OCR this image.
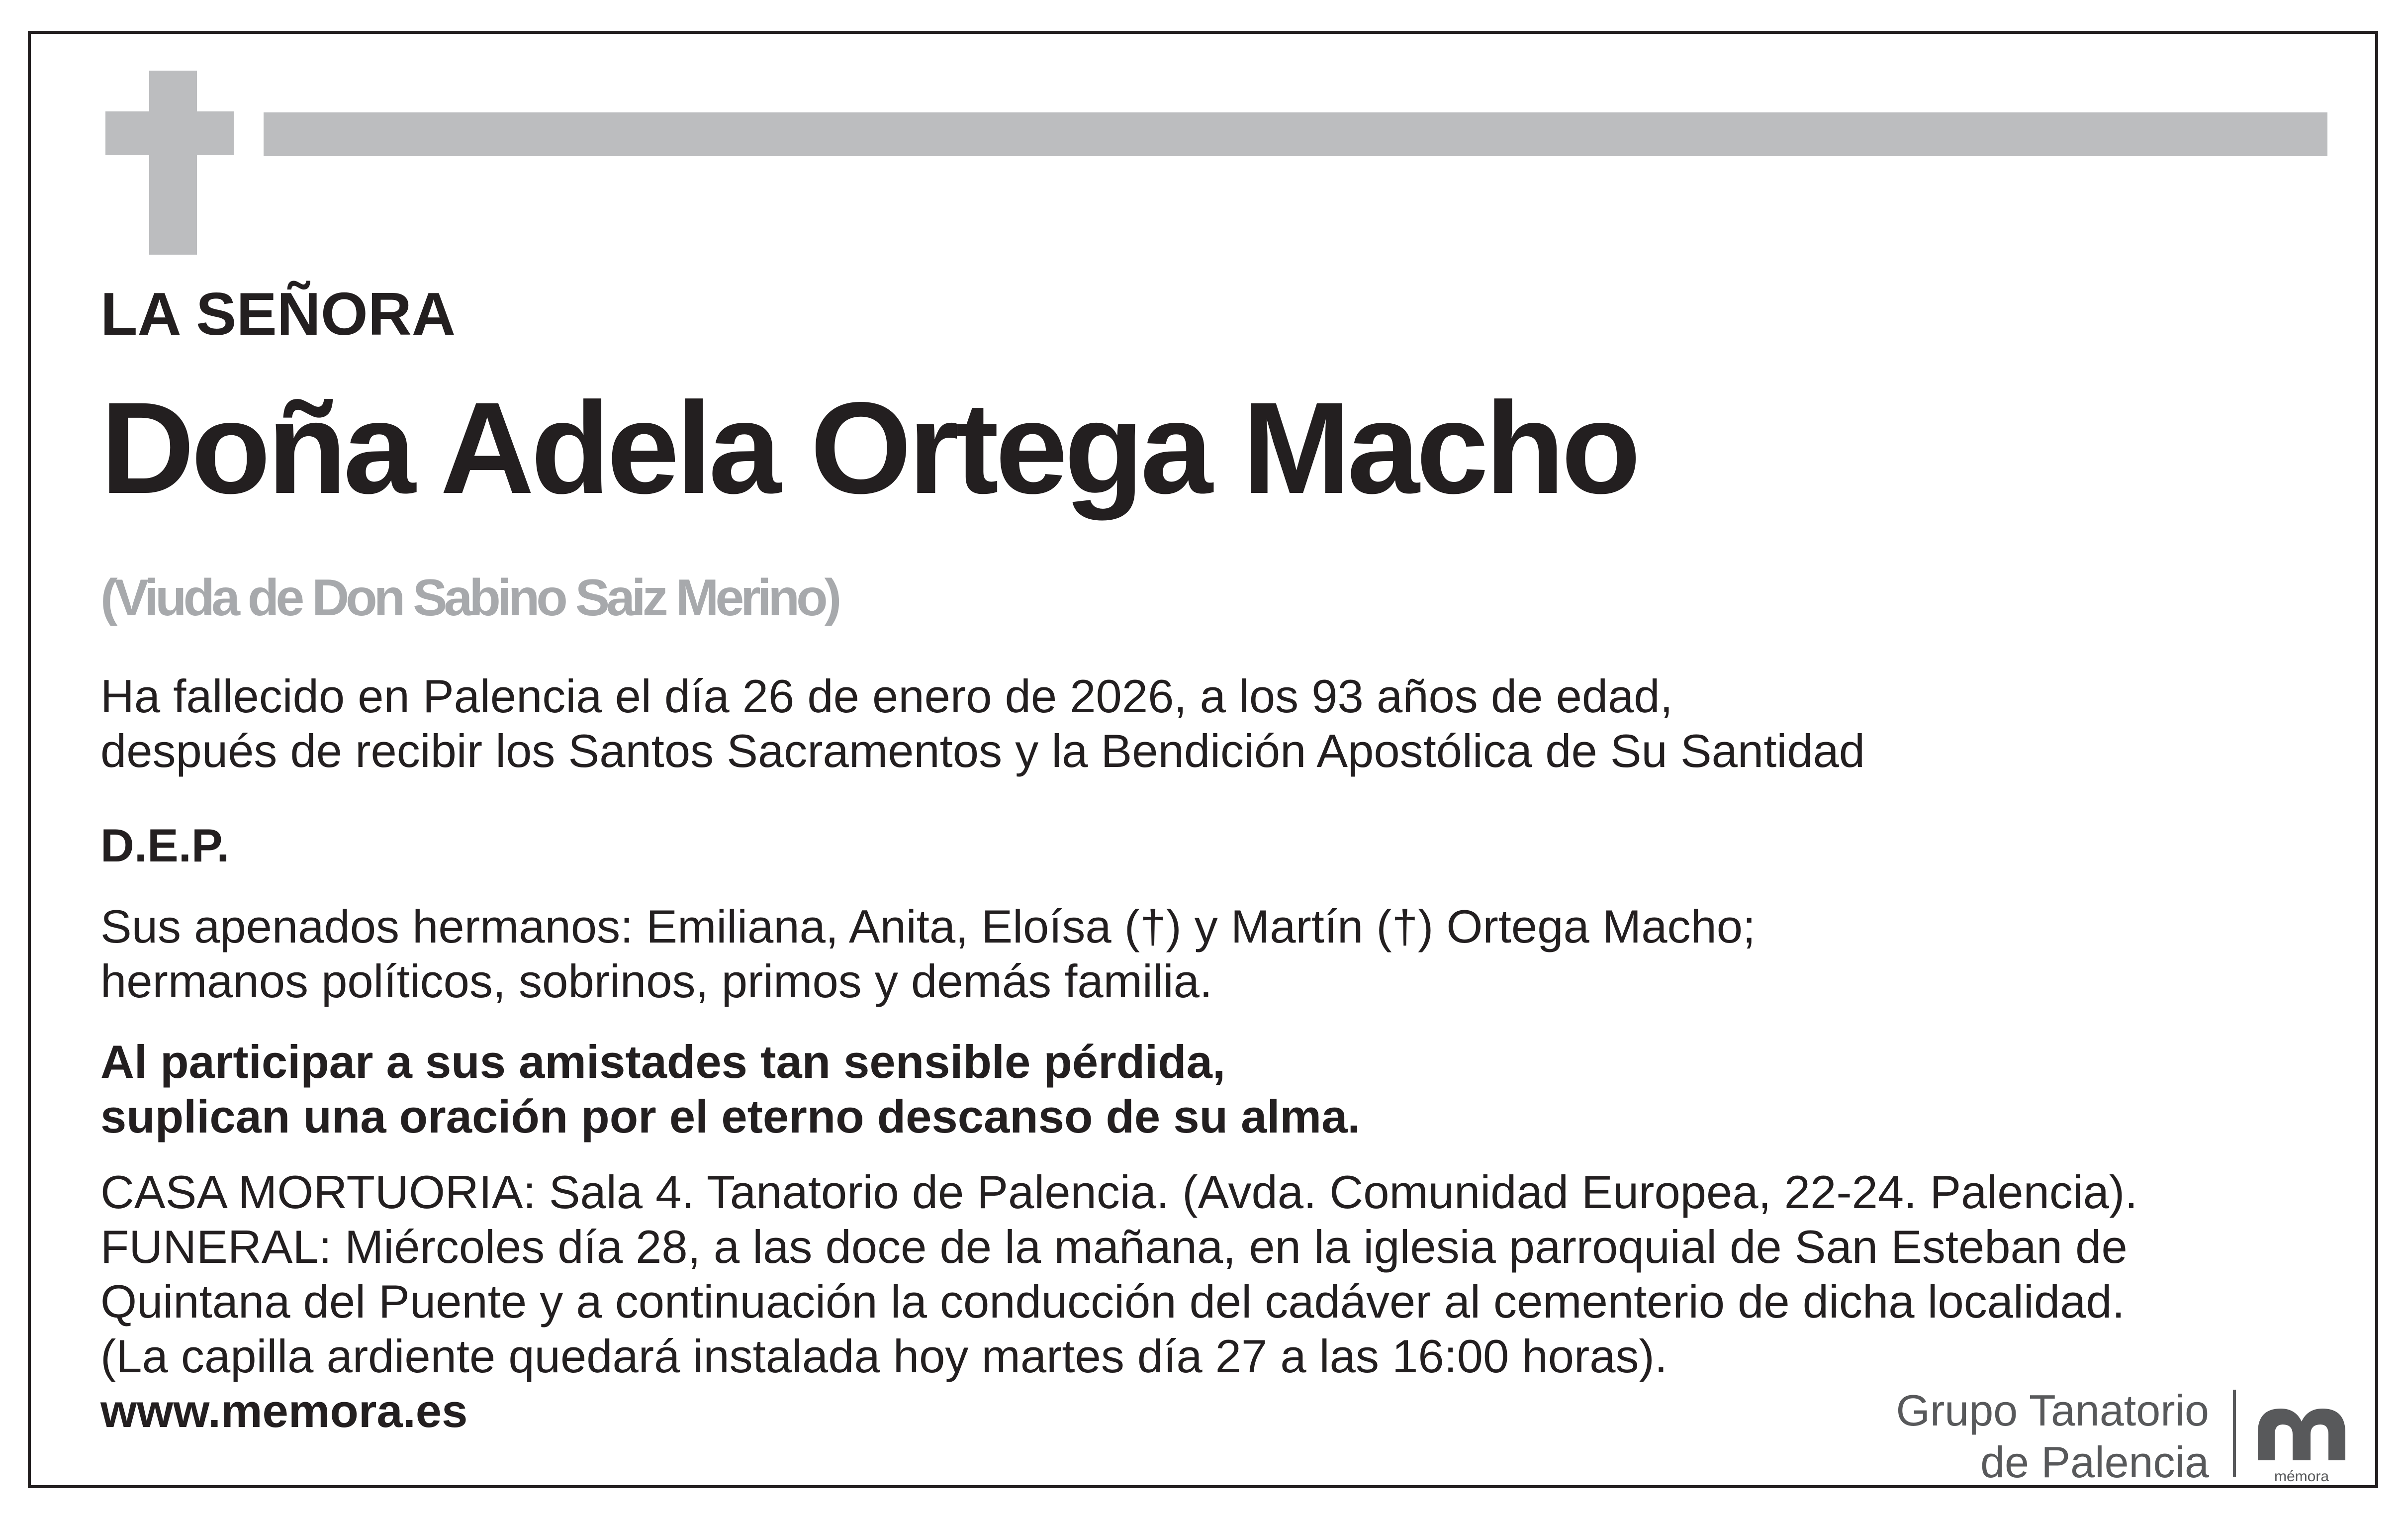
LA SEÑORA
Doña Adela Ortega Macho
(Viuda de Don Sabino Saiz Merino)
Ha fallecido en Palencia el día 26 de enero de 2026, a los 93 años de edad,
después de recibir los Santos Sacramentos y la Bendición Apostólica de Su Santidad
D.E.P.
Sus apenados hermanos: Emiliana, Anita, Eloísa (†) y Martín (†) Ortega Macho;
hermanos políticos, sobrinos, primos y demás familia.
Al participar a sus amistades tan sensible pérdida,
suplican una oración por el eterno descanso de su alma.
CASA MORTUORIA: Sala 4. Tanatorio de Palencia. (Avda. Comunidad Europea, 22-24. Palencia).
FUNERAL: Miércoles día 28, a las doce de la mañana, en la iglesia parroquial de San Esteban de
Quintana del Puente y a continuación la conducción del cadáver al cementerio de dicha localidad.
(La capilla ardiente quedará instalada hoy martes día 27 a las 16:00 horas).
www.memora.es	Grupo Tanatorio
de Palencia	mémora
